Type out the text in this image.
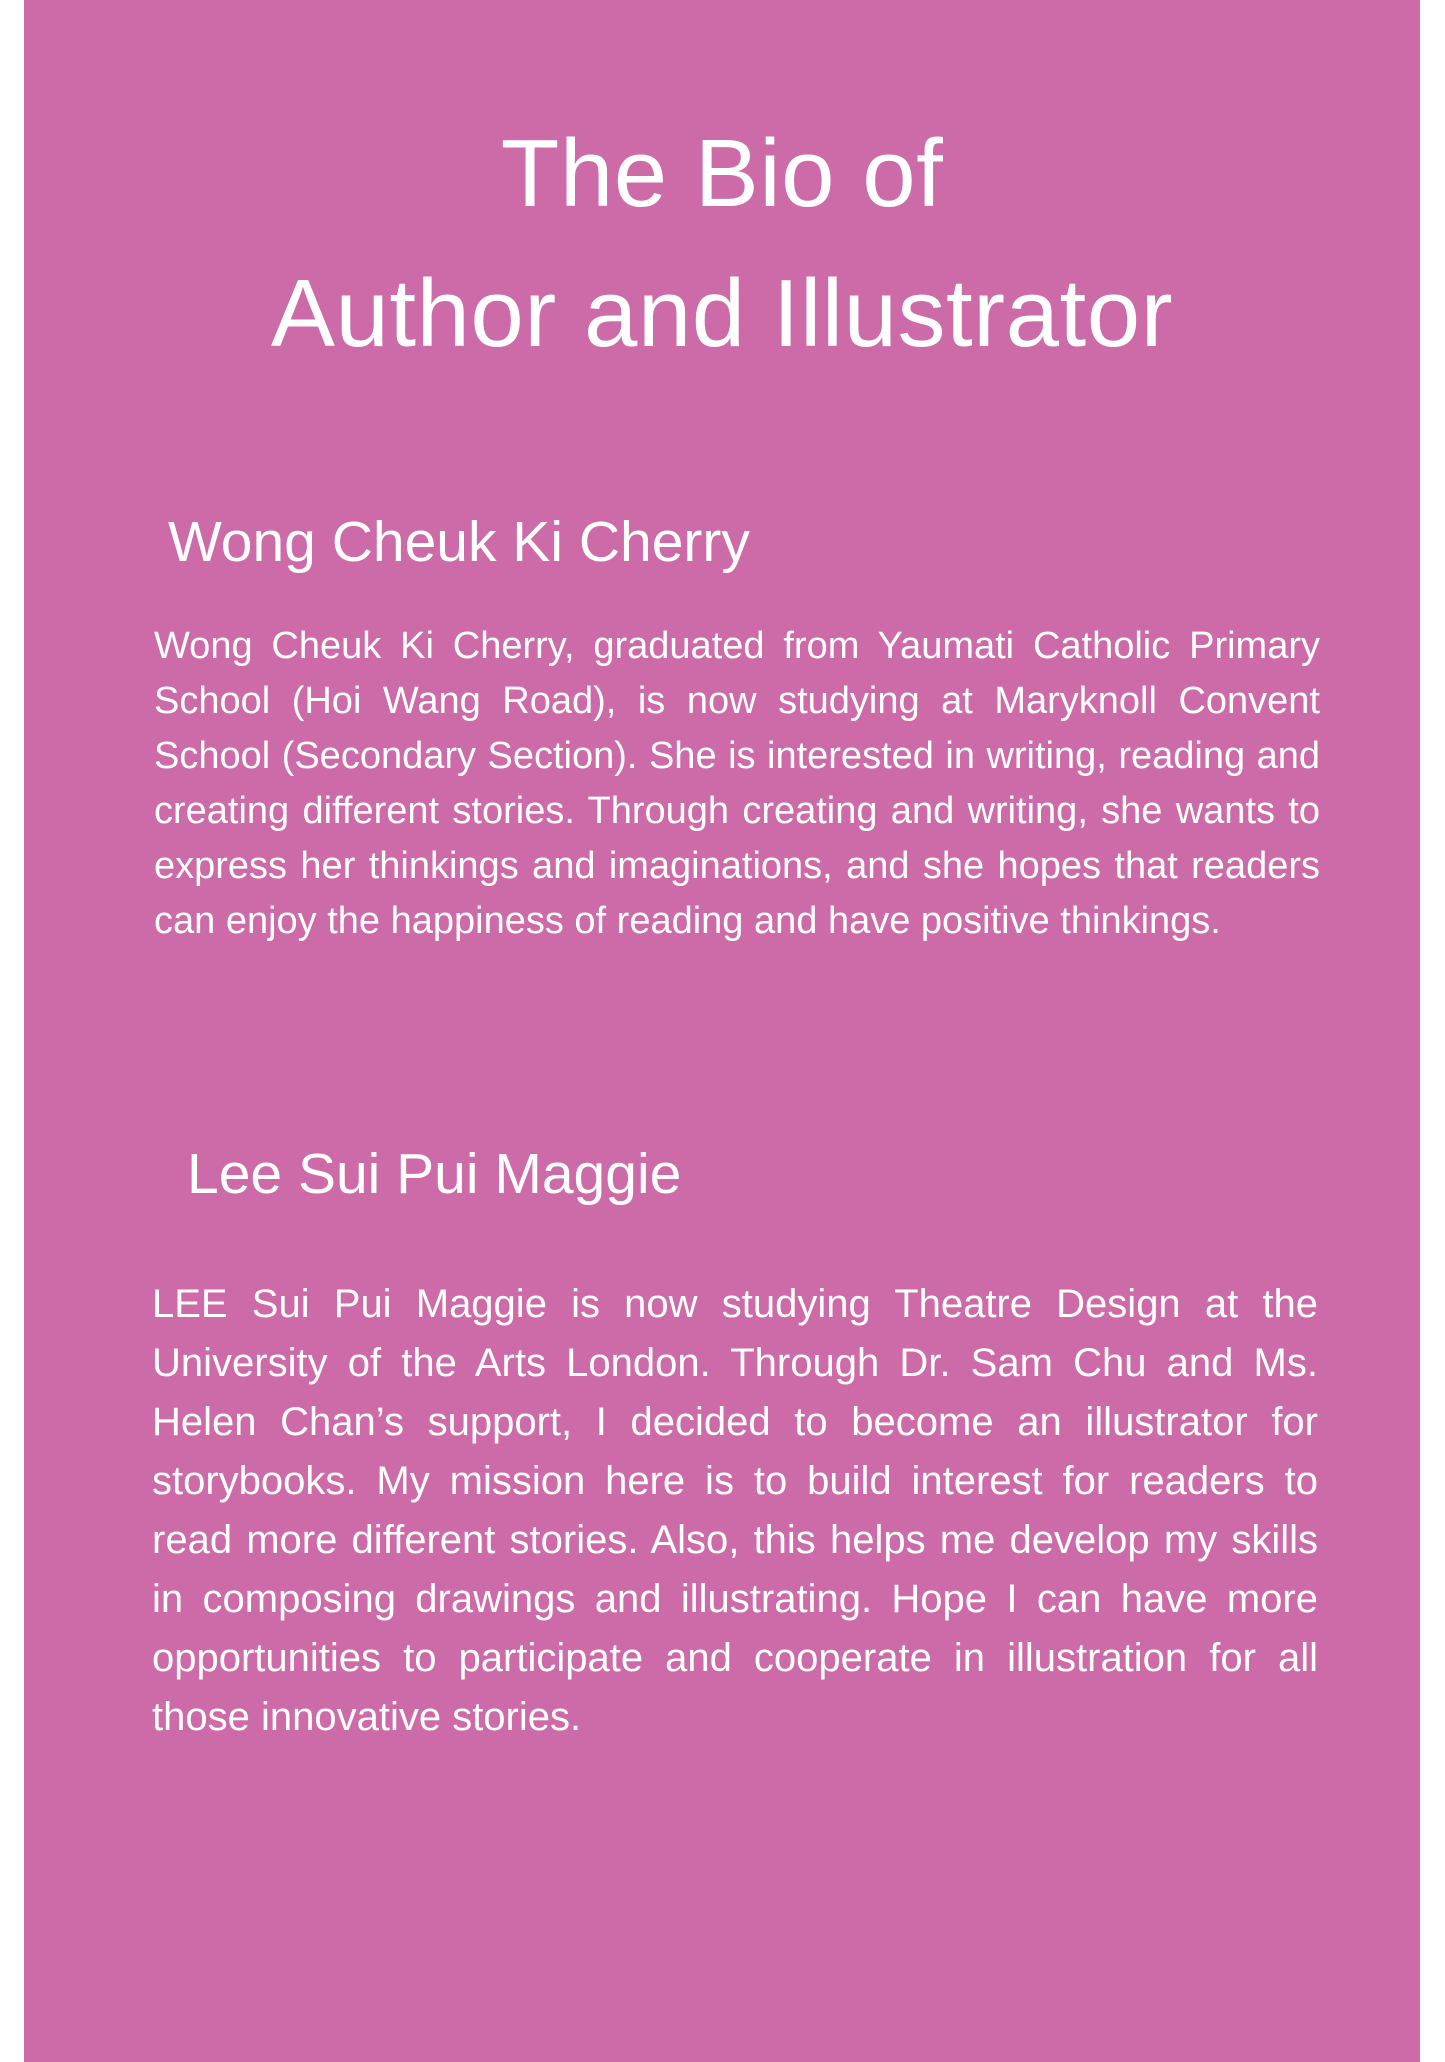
The Bio of
Author and Illustrator
Wong Cheuk Ki Cherry

Wong Cheuk Ki Cherry, graduated from Yaumati Catholic Primary School (Hoi Wang Road), is now studying at Maryknoll Convent School (Secondary Section). She is interested in writing, reading and creating different stories. Through creating and writing, she wants to express her thinkings and imaginations, and she hopes that readers can enjoy the happiness of reading and have positive thinkings.

Lee Sui Pui Maggie

LEE Sui Pui Maggie is now studying Theatre Design at the University of the Arts London. Through Dr. Sam Chu and Ms. Helen Chan’s support, I decided to become an illustrator for storybooks. My mission here is to build interest for readers to read more different stories. Also, this helps me develop my skills in composing drawings and illustrating. Hope I can have more opportunities to participate and cooperate in illustration for all those innovative stories.
